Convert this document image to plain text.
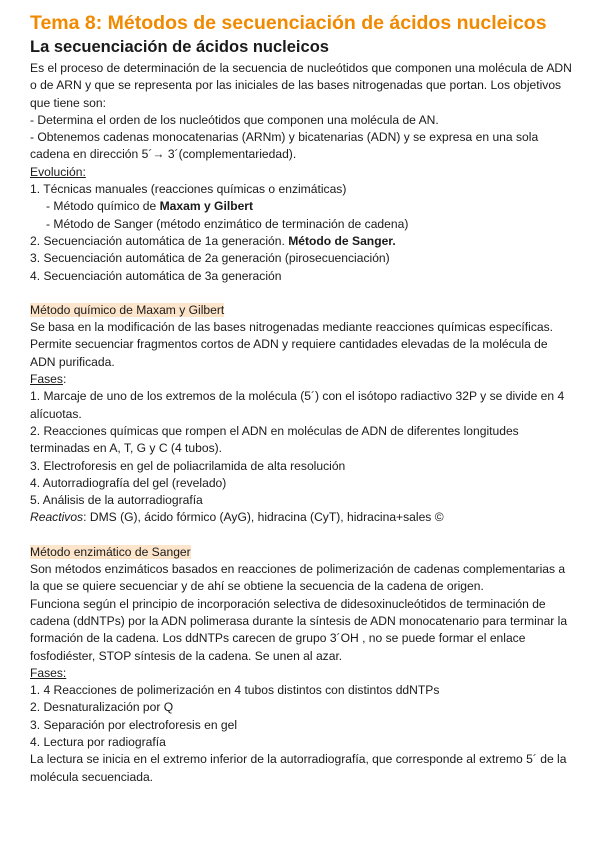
Tema 8: Métodos de secuenciación de ácidos nucleicos
La secuenciación de ácidos nucleicos

Es el proceso de determinación de la secuencia de nucleótidos que componen una molécula de ADN o de ARN y que se representa por las iniciales de las bases nitrogenadas que portan. Los objetivos que tiene son:

- Determina el orden de los nucleótidos que componen una molécula de AN.

- Obtenemos cadenas monocatenarias (ARNm) y bicatenarias (ADN) y se expresa en una sola cadena en dirección 5´→ 3´(complementariedad).

Evolución:

1. Técnicas manuales (reacciones químicas o enzimáticas)

- Método químico de Maxam y Gilbert

- Método de Sanger (método enzimático de terminación de cadena)

2. Secuenciación automática de 1a generación. Método de Sanger.

3. Secuenciación automática de 2a generación (pirosecuenciación)

4. Secuenciación automática de 3a generación

Método químico de Maxam y Gilbert

Se basa en la modificación de las bases nitrogenadas mediante reacciones químicas específicas. Permite secuenciar fragmentos cortos de ADN y requiere cantidades elevadas de la molécula de ADN purificada.

Fases:

1. Marcaje de uno de los extremos de la molécula (5´) con el isótopo radiactivo 32P y se divide en 4 alícuotas.

2. Reacciones químicas que rompen el ADN en moléculas de ADN de diferentes longitudes terminadas en A, T, G y C (4 tubos).

3. Electroforesis en gel de poliacrilamida de alta resolución

4. Autorradiografía del gel (revelado)

5. Análisis de la autorradiografía

Reactivos: DMS (G), ácido fórmico (AyG), hidracina (CyT), hidracina+sales ©

Método enzimático de Sanger

Son métodos enzimáticos basados en reacciones de polimerización de cadenas complementarias a la que se quiere secuenciar y de ahí se obtiene la secuencia de la cadena de origen.

Funciona según el principio de incorporación selectiva de didesoxinucleótidos de terminación de cadena (ddNTPs) por la ADN polimerasa durante la síntesis de ADN monocatenario para terminar la formación de la cadena. Los ddNTPs carecen de grupo 3´OH , no se puede formar el enlace fosfodiéster, STOP síntesis de la cadena. Se unen al azar.

Fases:

1. 4 Reacciones de polimerización en 4 tubos distintos con distintos ddNTPs

2. Desnaturalización por Q

3. Separación por electroforesis en gel

4. Lectura por radiografía

La lectura se inicia en el extremo inferior de la autorradiografía, que corresponde al extremo 5´ de la molécula secuenciada.
